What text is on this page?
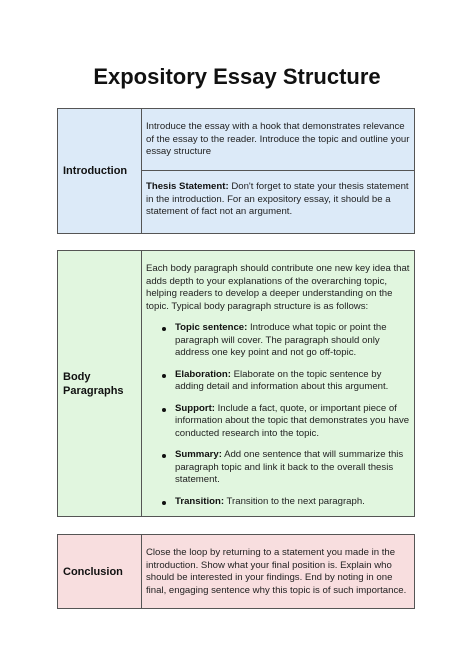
Expository Essay Structure
Introduction
Introduce the essay with a hook that demonstrates relevance of the essay to the reader. Introduce the topic and outline your essay structure
Thesis Statement: Don't forget to state your thesis statement in the introduction. For an expository essay, it should be a statement of fact not an argument.
Body Paragraphs
Each body paragraph should contribute one new key idea that adds depth to your explanations of the overarching topic, helping readers to develop a deeper understanding on the topic. Typical body paragraph structure is as follows:
Topic sentence: Introduce what topic or point the paragraph will cover. The paragraph should only address one key point and not go off-topic.
Elaboration: Elaborate on the topic sentence by adding detail and information about this argument.
Support: Include a fact, quote, or important piece of information about the topic that demonstrates you have conducted research into the topic.
Summary: Add one sentence that will summarize this paragraph topic and link it back to the overall thesis statement.
Transition: Transition to the next paragraph.
Conclusion
Close the loop by returning to a statement you made in the introduction. Show what your final position is. Explain who should be interested in your findings. End by noting in one final, engaging sentence why this topic is of such importance.
